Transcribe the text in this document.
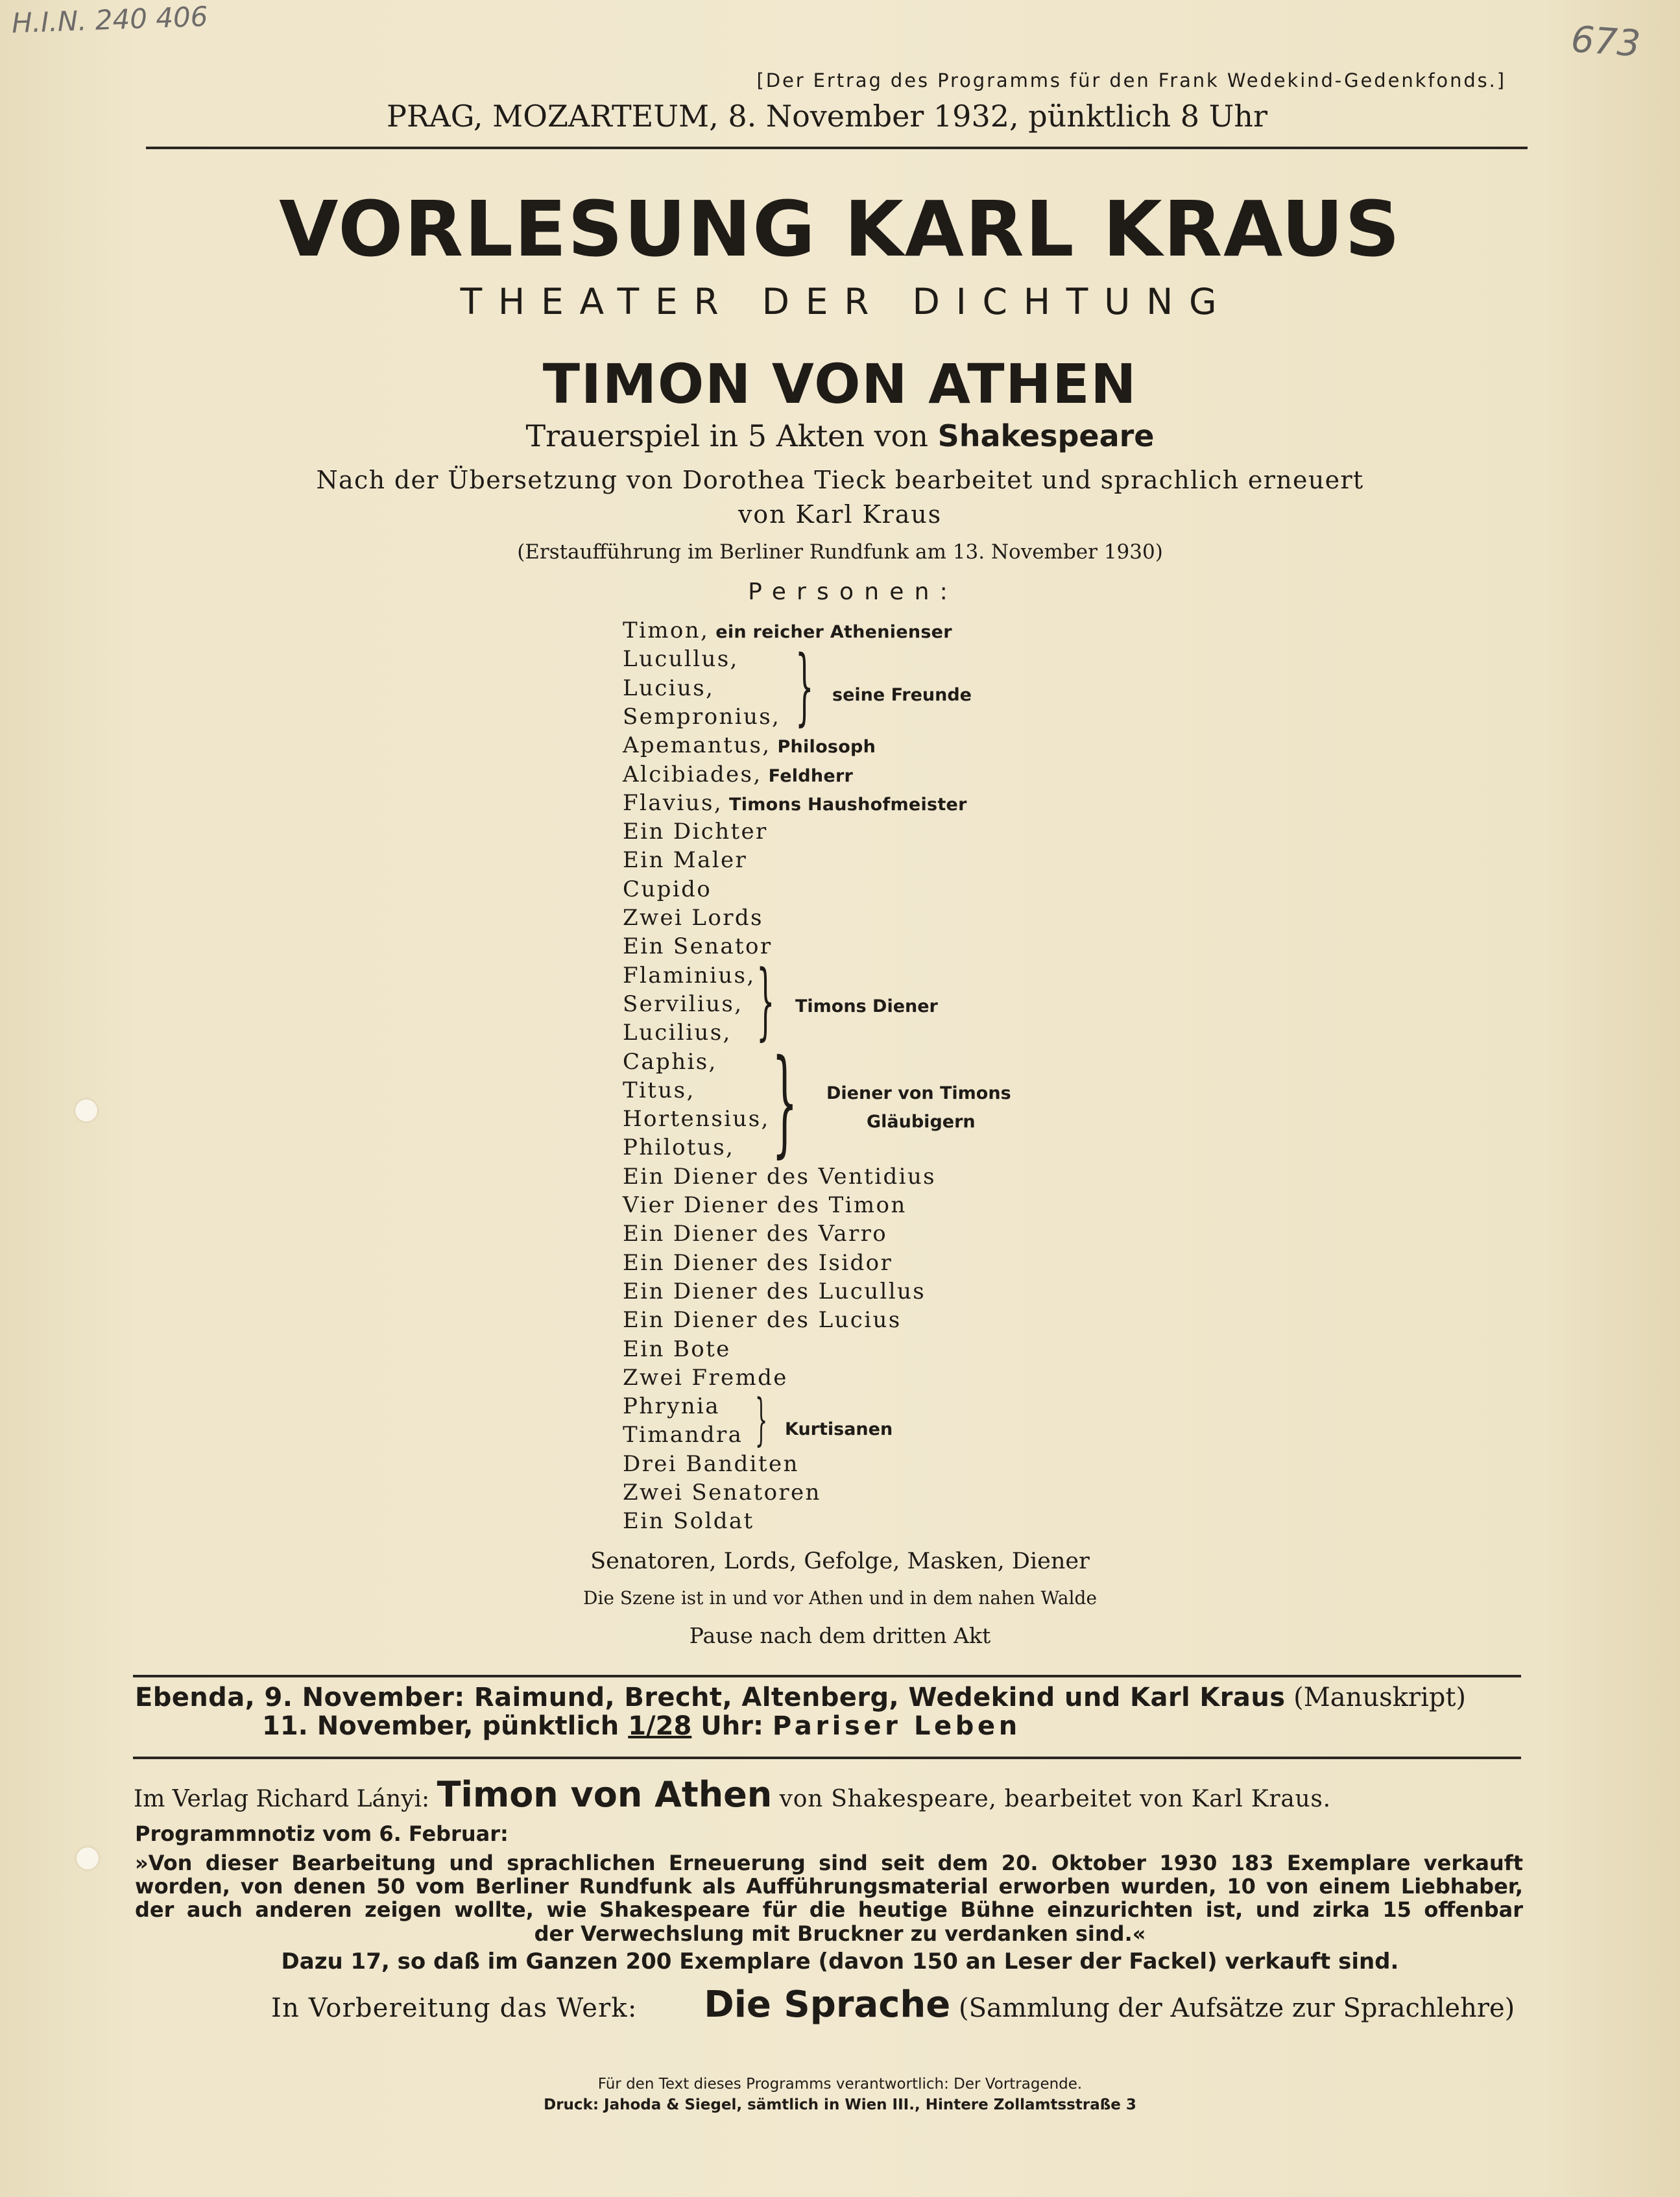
H.I.N. 240 406	673
[Der Ertrag des Programms für den Frank Wedekind-Gedenkfonds.]
PRAG, MOZARTEUM, 8. November 1932, pünktlich 8 Uhr
VORLESUNG KARL KRAUS
THEATER DER DICHTUNG
TIMON VON ATHEN
Trauerspiel in 5 Akten von Shakespeare
Nach der Übersetzung von Dorothea Tieck bearbeitet und sprachlich erneuert
von Karl Kraus
(Erstaufführung im Berliner Rundfunk am 13. November 1930)
Personen:
Timon, ein reicher Athenienser
Lucullus,
Lucius,
Sempronius,
Apemantus, Philosoph
Alcibiades, Feldherr
Flavius, Timons Haushofmeister
Ein Dichter
Ein Maler
Cupido
Zwei Lords
Ein Senator
Flaminius,
Servilius,
Lucilius,
Caphis,
Titus,
Hortensius,
Philotus,
Ein Diener des Ventidius
Vier Diener des Timon
Ein Diener des Varro
Ein Diener des Isidor
Ein Diener des Lucullus
Ein Diener des Lucius
Ein Bote
Zwei Fremde
Phrynia
Timandra
Drei Banditen
Zwei Senatoren
Ein Soldat
} seine Freunde
} Timons Diener
} Diener von Timons
Gläubigern
} Kurtisanen
Senatoren, Lords, Gefolge, Masken, Diener
Die Szene ist in und vor Athen und in dem nahen Walde
Pause nach dem dritten Akt
Ebenda, 9. November: Raimund, Brecht, Altenberg, Wedekind und Karl Kraus (Manuskript)
11. November, pünktlich 1/28 Uhr: Pariser Leben
Im Verlag Richard Lányi: Timon von Athen von Shakespeare, bearbeitet von Karl Kraus.
Programmnotiz vom 6. Februar:
»Von dieser Bearbeitung und sprachlichen Erneuerung sind seit dem 20. Oktober 1930 183 Exemplare verkauft
worden, von denen 50 vom Berliner Rundfunk als Aufführungsmaterial erworben wurden, 10 von einem Liebhaber,
der auch anderen zeigen wollte, wie Shakespeare für die heutige Bühne einzurichten ist, und zirka 15 offenbar
der Verwechslung mit Bruckner zu verdanken sind.«
Dazu 17, so daß im Ganzen 200 Exemplare (davon 150 an Leser der Fackel) verkauft sind.
In Vorbereitung das Werk: Die Sprache (Sammlung der Aufsätze zur Sprachlehre)
Für den Text dieses Programms verantwortlich: Der Vortragende.
Druck: Jahoda & Siegel, sämtlich in Wien III., Hintere Zollamtsstraße 3
